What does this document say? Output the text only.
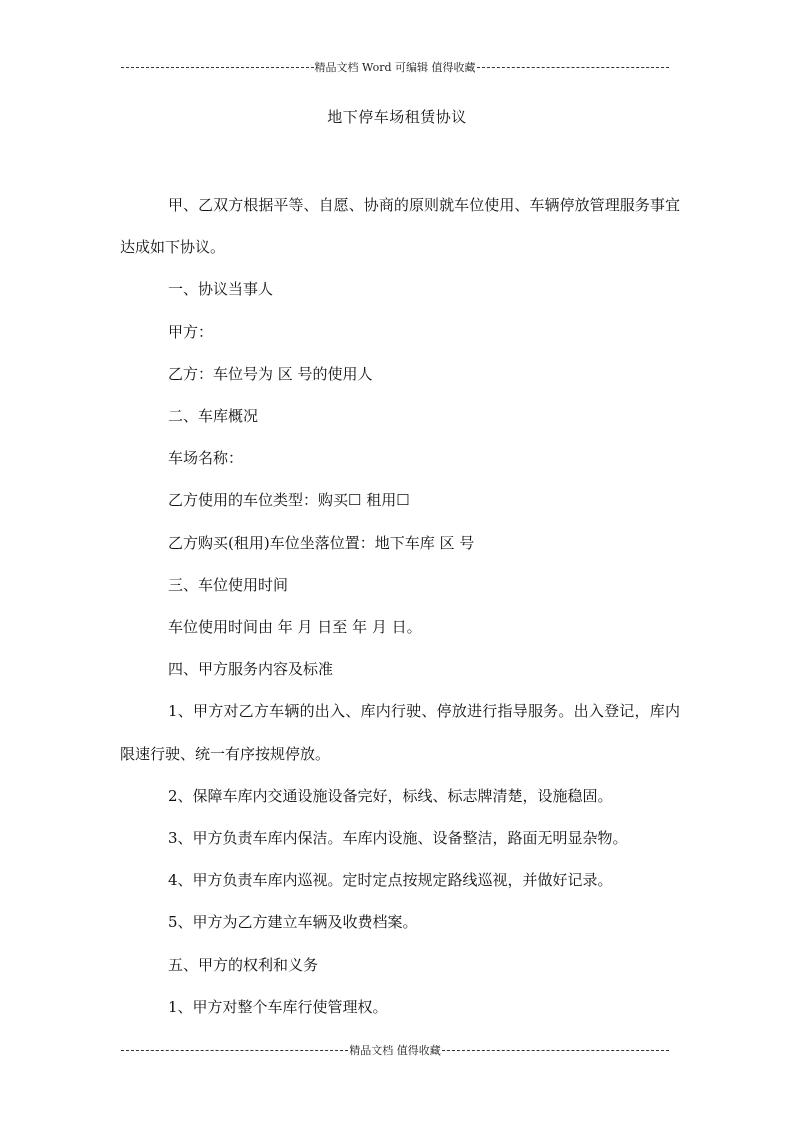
精品文档 Word 可编辑 值得收藏
地下停车场租赁协议

甲、乙双方根据平等、自愿、协商的原则就车位使用、车辆停放管理服务事宜达成如下协议。

一、协议当事人

甲方：

乙方：车位号为 区 号的使用人

二、车库概况

车场名称：

乙方使用的车位类型：购买☐ 租用☐

乙方购买(租用)车位坐落位置：地下车库 区 号

三、车位使用时间

车位使用时间由 年 月 日至 年 月 日。

四、甲方服务内容及标准

1、甲方对乙方车辆的出入、库内行驶、停放进行指导服务。出入登记，库内限速行驶、统一有序按规停放。

2、保障车库内交通设施设备完好，标线、标志牌清楚，设施稳固。

3、甲方负责车库内保洁。车库内设施、设备整洁，路面无明显杂物。

4、甲方负责车库内巡视。定时定点按规定路线巡视，并做好记录。

5、甲方为乙方建立车辆及收费档案。

五、甲方的权利和义务

1、甲方对整个车库行使管理权。

精品文档 值得收藏
